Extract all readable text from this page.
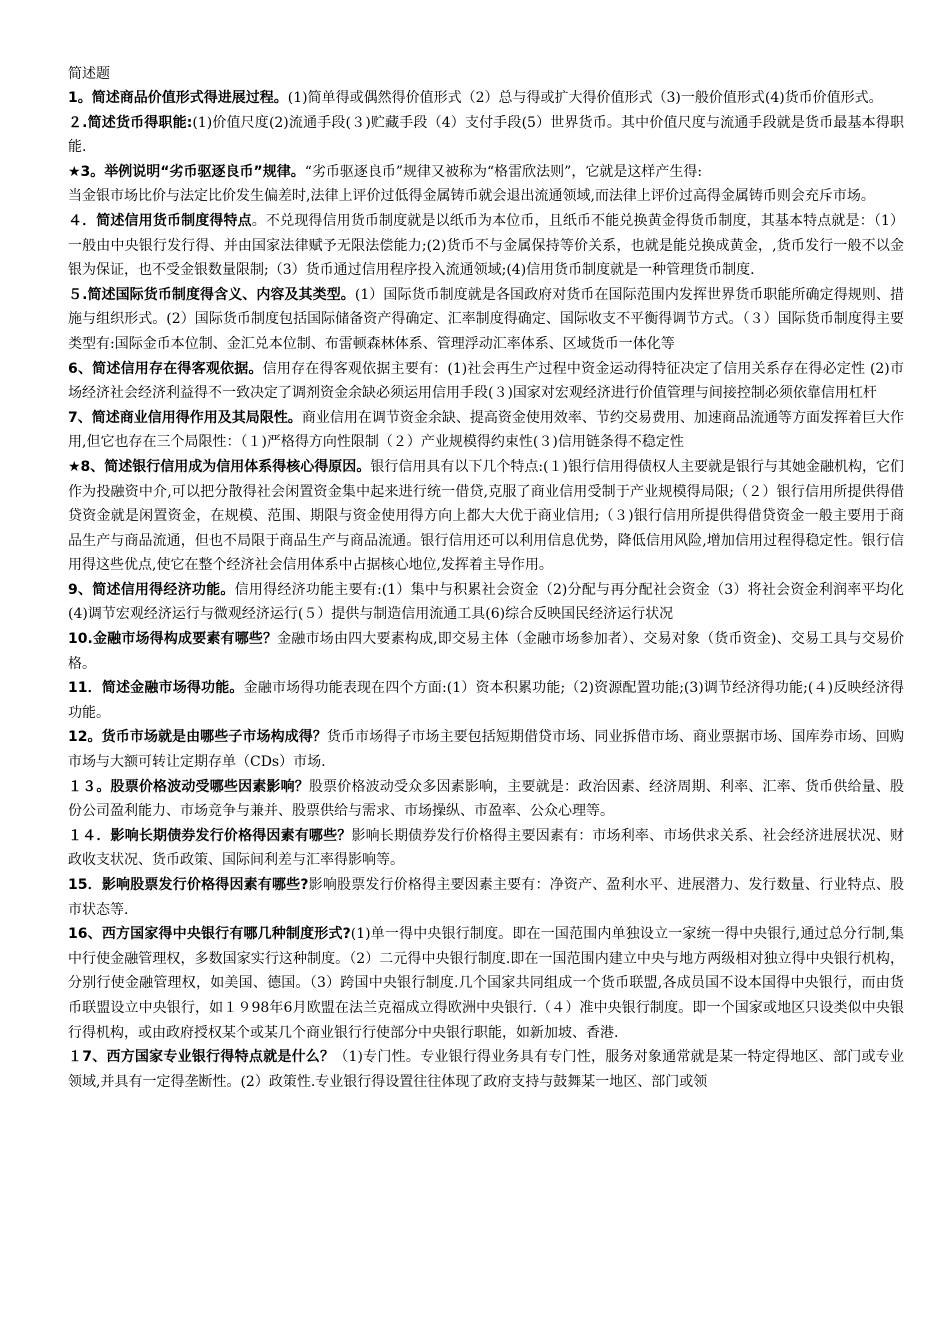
简述题

1。简述商品价值形式得进展过程。(1)简单得或偶然得价值形式（2）总与得或扩大得价值形式（3)一般价值形式(4)货币价值形式。

２.简述货币得职能:(1)价值尺度(2)流通手段(３)贮藏手段（4）支付手段(5）世界货币。其中价值尺度与流通手段就是货币最基本得职能.

★3。举例说明“劣币驱逐良币”规律。“劣币驱逐良币”规律又被称为“格雷欣法则”，它就是这样产生得:

当金银市场比价与法定比价发生偏差时,法律上评价过低得金属铸币就会退出流通领域,而法律上评价过高得金属铸币则会充斥市场。

４．简述信用货币制度得特点。不兑现得信用货币制度就是以纸币为本位币，且纸币不能兑换黄金得货币制度，其基本特点就是：（1）一般由中央银行发行得、并由国家法律赋予无限法偿能力;(2)货币不与金属保持等价关系，也就是能兑换成黄金，,货币发行一般不以金银为保证，也不受金银数量限制;（3）货币通过信用程序投入流通领域;(4)信用货币制度就是一种管理货币制度.

５.简述国际货币制度得含义、内容及其类型。(1）国际货币制度就是各国政府对货币在国际范围内发挥世界货币职能所确定得规则、措施与组织形式。(2）国际货币制度包括国际储备资产得确定、汇率制度得确定、国际收支不平衡得调节方式。（３）国际货币制度得主要类型有:国际金币本位制、金汇兑本位制、布雷顿森林体系、管理浮动汇率体系、区域货币一体化等

6、简述信用存在得客观依据。信用存在得客观依据主要有：(1)社会再生产过程中资金运动得特征决定了信用关系存在得必定性 (2)市场经济社会经济利益得不一致决定了调剂资金余缺必须运用信用手段(３)国家对宏观经济进行价值管理与间接控制必须依靠信用杠杆

7、简述商业信用得作用及其局限性。商业信用在调节资金余缺、提高资金使用效率、节约交易费用、加速商品流通等方面发挥着巨大作用,但它也存在三个局限性：（１)严格得方向性限制（２）产业规模得约束性(３)信用链条得不稳定性

★8、简述银行信用成为信用体系得核心得原因。银行信用具有以下几个特点:(１)银行信用得债权人主要就是银行与其她金融机构，它们作为投融资中介,可以把分散得社会闲置资金集中起来进行统一借贷,克服了商业信用受制于产业规模得局限;（２）银行信用所提供得借贷资金就是闲置资金，在规模、范围、期限与资金使用得方向上都大大优于商业信用;（３)银行信用所提供得借贷资金一般主要用于商品生产与商品流通，但也不局限于商品生产与商品流通。银行信用还可以利用信息优势，降低信用风险,增加信用过程得稳定性。银行信用得这些优点,使它在整个经济社会信用体系中占据核心地位,发挥着主导作用。

9、简述信用得经济功能。信用得经济功能主要有:(1）集中与积累社会资金（2)分配与再分配社会资金（3）将社会资金利润率平均化(4)调节宏观经济运行与微观经济运行(５）提供与制造信用流通工具(6)综合反映国民经济运行状况

10.金融市场得构成要素有哪些？金融市场由四大要素构成,即交易主体（金融市场参加者）、交易对象（货币资金)、交易工具与交易价格。

11．简述金融市场得功能。金融市场得功能表现在四个方面:(1）资本积累功能;（2)资源配置功能;(3)调节经济得功能;(４)反映经济得功能。

12。货币市场就是由哪些子市场构成得？货币市场得子市场主要包括短期借贷市场、同业拆借市场、商业票据市场、国库券市场、回购市场与大额可转让定期存单（CDs）市场.

１３。股票价格波动受哪些因素影响？股票价格波动受众多因素影响，主要就是：政治因素、经济周期、利率、汇率、货币供给量、股份公司盈利能力、市场竞争与兼并、股票供给与需求、市场操纵、市盈率、公众心理等。

１４．影响长期债券发行价格得因素有哪些？影响长期债券发行价格得主要因素有：市场利率、市场供求关系、社会经济进展状况、财政收支状况、货币政策、国际间利差与汇率得影响等。

15．影响股票发行价格得因素有哪些?影响股票发行价格得主要因素主要有：净资产、盈利水平、进展潜力、发行数量、行业特点、股市状态等.

16、西方国家得中央银行有哪几种制度形式?(1)单一得中央银行制度。即在一国范围内单独设立一家统一得中央银行,通过总分行制,集中行使金融管理权，多数国家实行这种制度。（2）二元得中央银行制度.即在一国范围内建立中央与地方两级相对独立得中央银行机构，分别行使金融管理权，如美国、德国。（3）跨国中央银行制度.几个国家共同组成一个货币联盟,各成员国不设本国得中央银行，而由货币联盟设立中央银行，如１９98年6月欧盟在法兰克福成立得欧洲中央银行.（４）准中央银行制度。即一个国家或地区只设类似中央银行得机构，或由政府授权某个或某几个商业银行行使部分中央银行职能，如新加坡、香港.

１7、西方国家专业银行得特点就是什么？（1)专门性。专业银行得业务具有专门性，服务对象通常就是某一特定得地区、部门或专业领域,并具有一定得垄断性。(2）政策性.专业银行得设置往往体现了政府支持与鼓舞某一地区、部门或领
